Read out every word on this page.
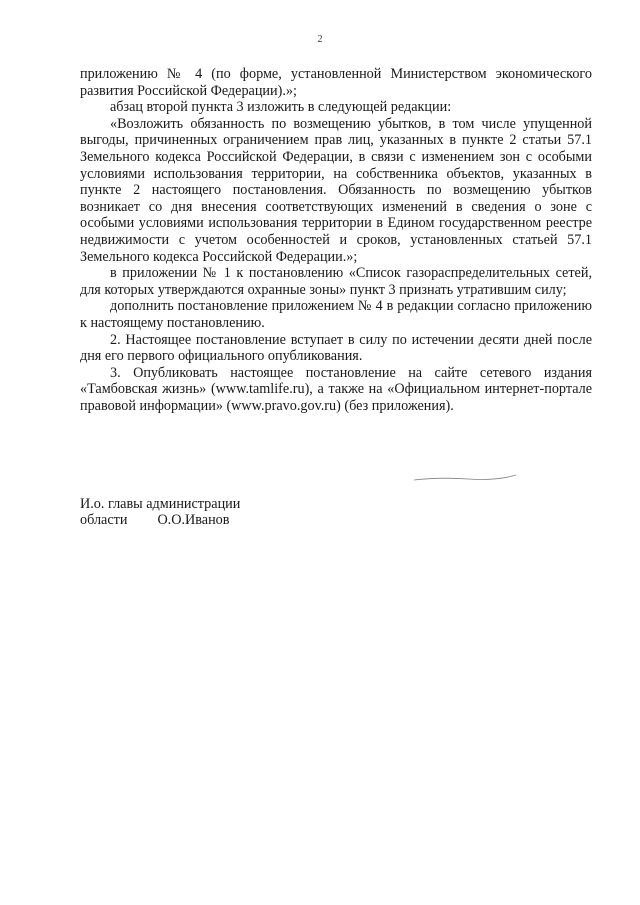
2

приложению № 4 (по форме, установленной Министерством экономического развития Российской Федерации).»;

абзац второй пункта 3 изложить в следующей редакции:

«Возложить обязанность по возмещению убытков, в том числе упущенной выгоды, причиненных ограничением прав лиц, указанных в пункте 2 статьи 57.1 Земельного кодекса Российской Федерации, в связи с изменением зон с особыми условиями использования территории, на собственника объектов, указанных в пункте 2 настоящего постановления. Обязанность по возмещению убытков возникает со дня внесения соответствующих изменений в сведения о зоне с особыми условиями использования территории в Едином государственном реестре недвижимости с учетом особенностей и сроков, установленных статьей 57.1 Земельного кодекса Российской Федерации.»;

в приложении № 1 к постановлению «Список газораспределительных сетей, для которых утверждаются охранные зоны» пункт 3 признать утратившим силу;

дополнить постановление приложением № 4 в редакции согласно приложению к настоящему постановлению.

2. Настоящее постановление вступает в силу по истечении десяти дней после дня его первого официального опубликования.

3. Опубликовать настоящее постановление на сайте сетевого издания «Тамбовская жизнь» (www.tamlife.ru), а также на «Официальном интернет-портале правовой информации» (www.pravo.gov.ru) (без приложения).

И.о. главы администрации
области О.О.Иванов
